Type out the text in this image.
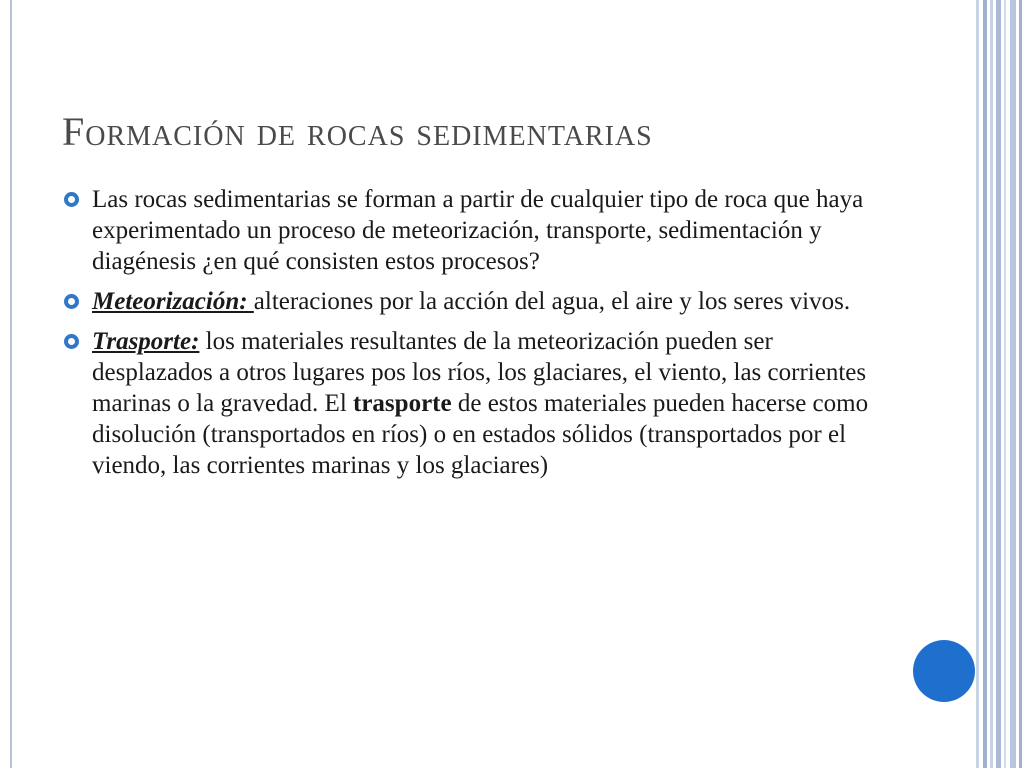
Formación de rocas sedimentarias
Las rocas sedimentarias se forman a partir de cualquier tipo de roca que haya experimentado un proceso de meteorización, transporte, sedimentación y diagénesis ¿en qué consisten estos procesos?
Meteorización: alteraciones por la acción del agua, el aire y los seres vivos.
Trasporte: los materiales resultantes de la meteorización pueden ser desplazados a otros lugares pos los ríos, los glaciares, el viento, las corrientes marinas o la gravedad. El trasporte de estos materiales pueden hacerse como disolución (transportados en ríos) o en estados sólidos (transportados por el viendo, las corrientes marinas y los glaciares)
